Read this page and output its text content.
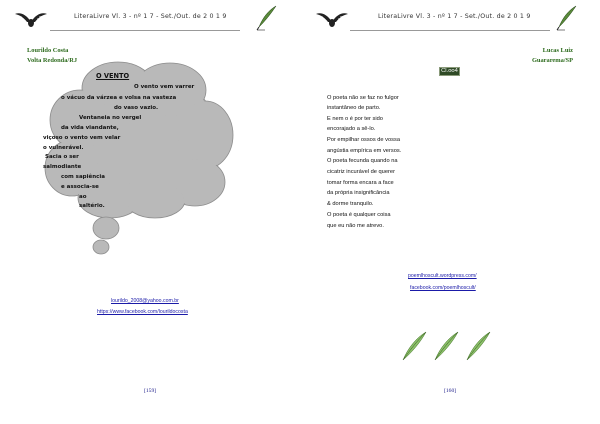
LiteraLivre Vl. 3 - nº 1 7 - Set./Out. de 2 0 1 9
Lourildo Costa
Volta Redonda/RJ
O VENTO
O vento vem varrer
o vácuo da várzea e volsa na vasteza
do vaso vazio.
Ventaneia no vergel
da vida viandante,
viçoso o vento vem velar
o vulnerável.
Sacia o ser
salmodiante
com sapiência
e associa-se
ao
saltério.
lourildo_2008@yahoo.com.br
https://www.facebook.com/lourildocosta
[159]
LiteraLivre Vl. 3 - nº 1 7 - Set./Out. de 2 0 1 9
Lucas Luiz
Guararema/SP
Cl.oo4
O poeta não se faz no fulgor
instantâneo de parto.
E nem o é por ter sido
encorajado a sê-lo.
Por empilhar ossos de vossa
angústia empírica em versos.
O poeta fecunda quando na
cicatriz incurável de querer
tomar forma encara a face
da própria insignificância
& dorme tranquilo.
O poeta é qualquer coisa
que eu não me atrevo.
poemlhoscult.wordpress.com/
facebook.com/poemlhoscult/
[160]
